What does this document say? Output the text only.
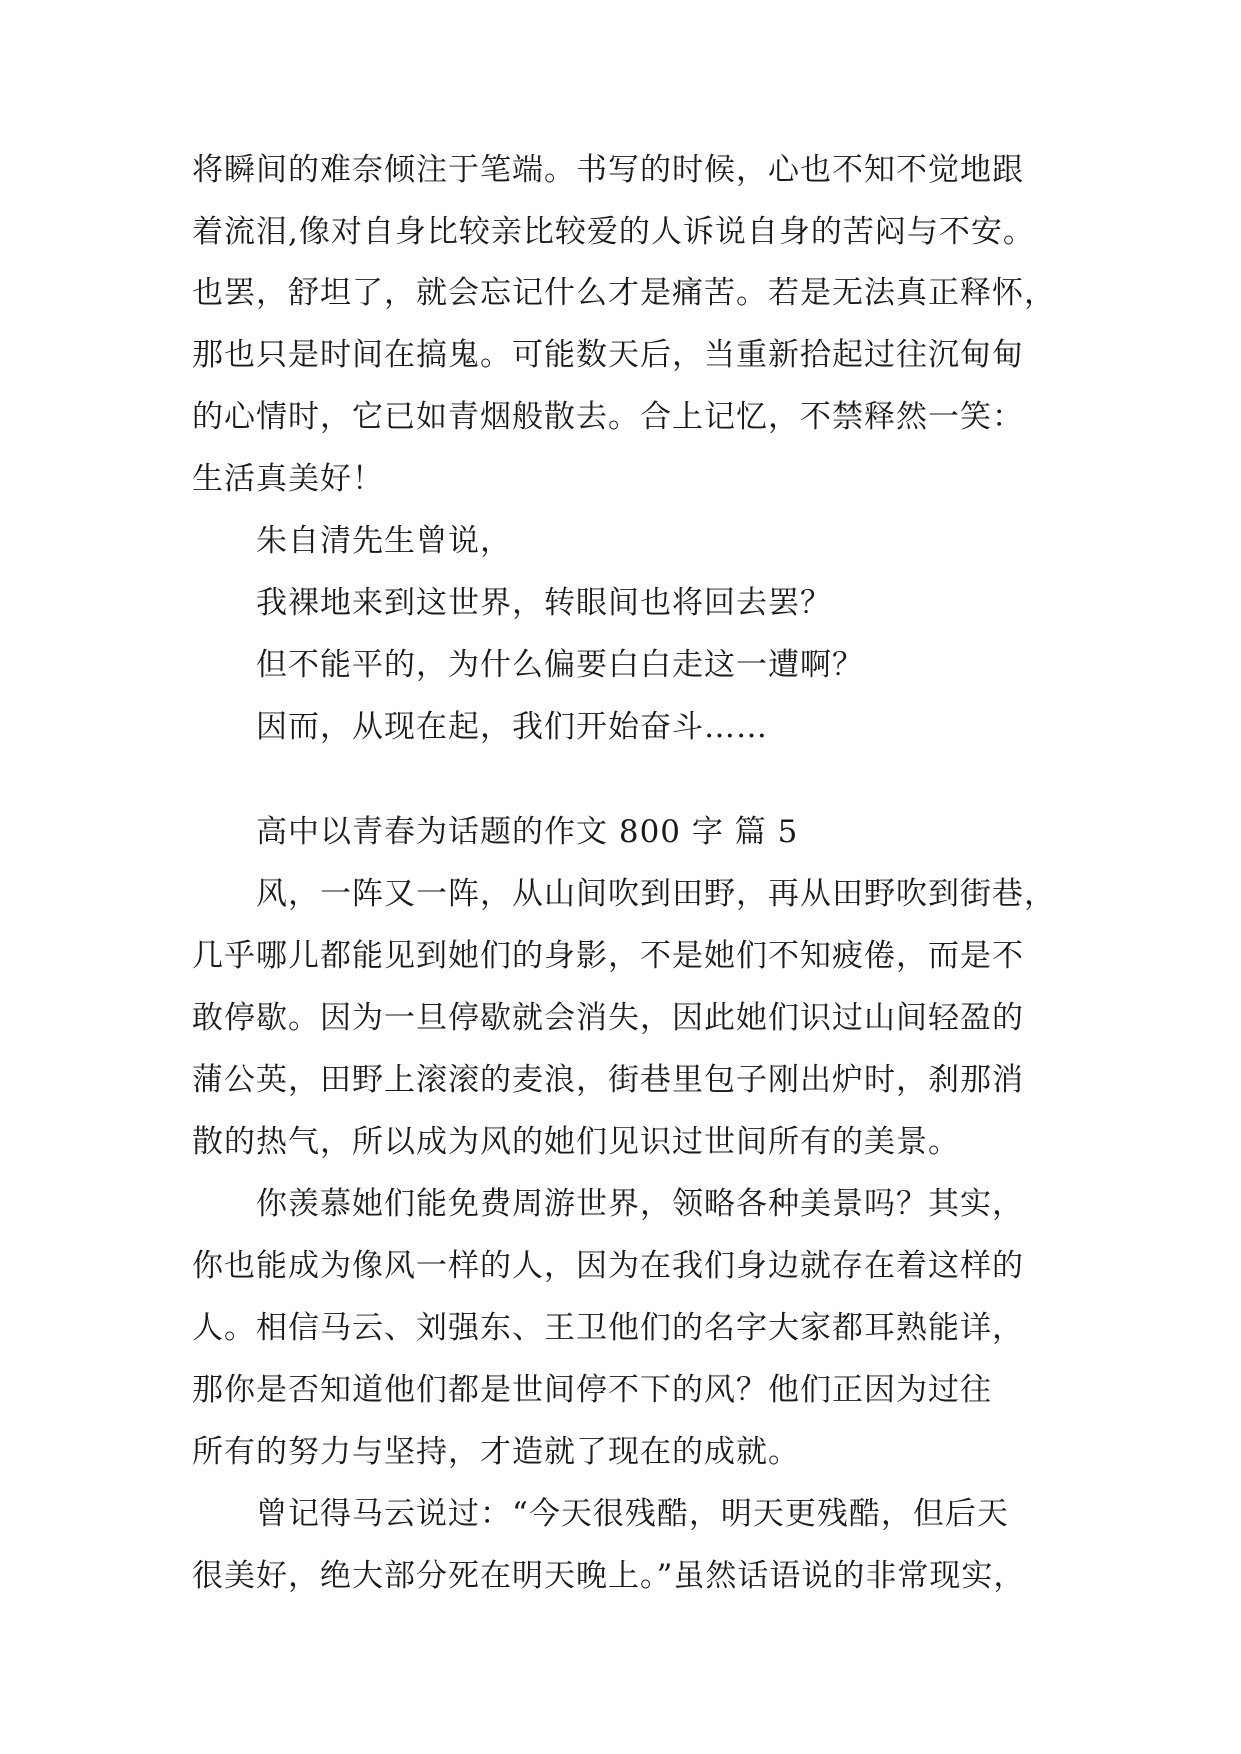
将瞬间的难奈倾注于笔端。书写的时候，心也不知不觉地跟
着流泪,像对自身比较亲比较爱的人诉说自身的苦闷与不安。
也罢，舒坦了，就会忘记什么才是痛苦。若是无法真正释怀，
那也只是时间在搞鬼。可能数天后，当重新拾起过往沉甸甸
的心情时，它已如青烟般散去。合上记忆，不禁释然一笑：
生活真美好！
朱自清先生曾说，
我裸地来到这世界，转眼间也将回去罢？
但不能平的，为什么偏要白白走这一遭啊？
因而，从现在起，我们开始奋斗……
高中以青春为话题的作文 800 字 篇 5
风，一阵又一阵，从山间吹到田野，再从田野吹到街巷，
几乎哪儿都能见到她们的身影，不是她们不知疲倦，而是不
敢停歇。因为一旦停歇就会消失，因此她们识过山间轻盈的
蒲公英，田野上滚滚的麦浪，街巷里包子刚出炉时，刹那消
散的热气，所以成为风的她们见识过世间所有的美景。
你羡慕她们能免费周游世界，领略各种美景吗？其实，
你也能成为像风一样的人，因为在我们身边就存在着这样的
人。相信马云、刘强东、王卫他们的名字大家都耳熟能详，
那你是否知道他们都是世间停不下的风？他们正因为过往
所有的努力与坚持，才造就了现在的成就。
曾记得马云说过：“今天很残酷，明天更残酷，但后天
很美好，绝大部分死在明天晚上。”虽然话语说的非常现实，
